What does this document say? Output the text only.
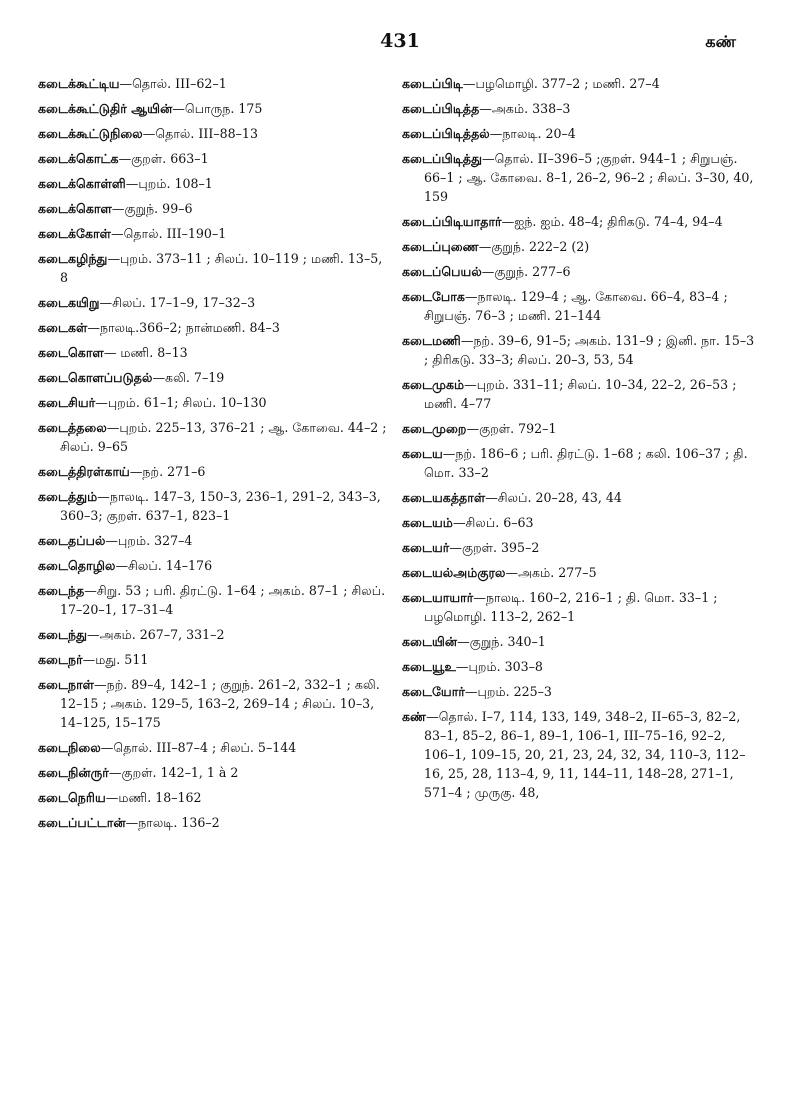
431	கண்
கடைக்கூட்டிய—தொல். III–62–1
கடைக்கூட்டுதிர் ஆயின்—பொருந. 175
கடைக்கூட்டுநிலை—தொல். III–88–13
கடைக்கொட்க—குறள். 663–1
கடைக்கொள்ளி—புறம். 108–1
கடைக்கொள—குறுந். 99–6
கடைக்கோள்—தொல். III–190–1
கடைகழிந்து—புறம். 373–11 ; சிலப். 10–119 ; மணி. 13–5, 8
கடைகயிறு—சிலப். 17–1–9, 17–32–3
கடைகள்—நாலடி.366–2; நான்மணி. 84–3
கடைகொள— மணி. 8–13
கடைகொளப்படுதல்—கலி. 7–19
கடைசியர்—புறம். 61–1; சிலப். 10–130
கடைத்தலை—புறம். 225–13, 376–21 ; ஆ. கோவை. 44–2 ; சிலப். 9–65
கடைத்திரள்காய்—நற். 271–6
கடைத்தும்—நாலடி. 147–3, 150–3, 236–1, 291–2, 343–3, 360–3; குறள். 637–1, 823–1
கடைதப்பல்—புறம். 327–4
கடைதொழில—சிலப். 14–176
கடைந்த—சிறு. 53 ; பரி. திரட்டு. 1–64 ; அகம். 87–1 ; சிலப். 17–20–1, 17–31–4
கடைந்து—அகம். 267–7, 331–2
கடைநர்—மது. 511
கடைநாள்—நற். 89–4, 142–1 ; குறுந். 261–2, 332–1 ; கலி. 12–15 ; அகம். 129–5, 163–2, 269–14 ; சிலப். 10–3, 14–125, 15–175
கடைநிலை—தொல். III–87–4 ; சிலப். 5–144
கடைநின்ருர்—குறள். 142–1, 1 à 2
கடைநெரிய—மணி. 18–162
கடைப்பட்டான்—நாலடி. 136–2
கடைப்பிடி—பழமொழி. 377–2 ; மணி. 27–4
கடைப்பிடித்த—அகம். 338–3
கடைப்பிடித்தல்—நாலடி. 20–4
கடைப்பிடித்து—தொல். II–396–5 ;குறள். 944–1 ; சிறுபஞ். 66–1 ; ஆ. கோவை. 8–1, 26–2, 96–2 ; சிலப். 3–30, 40, 159
கடைப்பிடியாதார்—ஐந். ஐம். 48–4; திரிகடு. 74–4, 94–4
கடைப்புணை—குறுந். 222–2 (2)
கடைப்பெயல்—குறுந். 277–6
கடைபோக—நாலடி. 129–4 ; ஆ. கோவை. 66–4, 83–4 ; சிறுபஞ். 76–3 ; மணி. 21–144
கடைமணி—நற். 39–6, 91–5; அகம். 131–9 ; இனி. நா. 15–3 ; திரிகடு. 33–3; சிலப். 20–3, 53, 54
கடைமுகம்—புறம். 331–11; சிலப். 10–34, 22–2, 26–53 ; மணி. 4–77
கடைமுறை—குறள். 792–1
கடைய—நற். 186–6 ; பரி. திரட்டு. 1–68 ; கலி. 106–37 ; தி. மொ. 33–2
கடையகத்தாள்—சிலப். 20–28, 43, 44
கடையம்—சிலப். 6–63
கடையர்—குறள். 395–2
கடையல்அம்குரல—அகம். 277–5
கடையாயார்—நாலடி. 160–2, 216–1 ; தி. மொ. 33–1 ; பழமொழி. 113–2, 262–1
கடையின்—குறுந். 340–1
கடையூஉ—புறம். 303–8
கடையோர்—புறம். 225–3
கண்—தொல். I–7, 114, 133, 149, 348–2, II–65–3, 82–2, 83–1, 85–2, 86–1, 89–1, 106–1, III–75–16, 92–2, 106–1, 109–15, 20, 21, 23, 24, 32, 34, 110–3, 112–16, 25, 28, 113–4, 9, 11, 144–11, 148–28, 271–1, 571–4 ; முருகு. 48,
